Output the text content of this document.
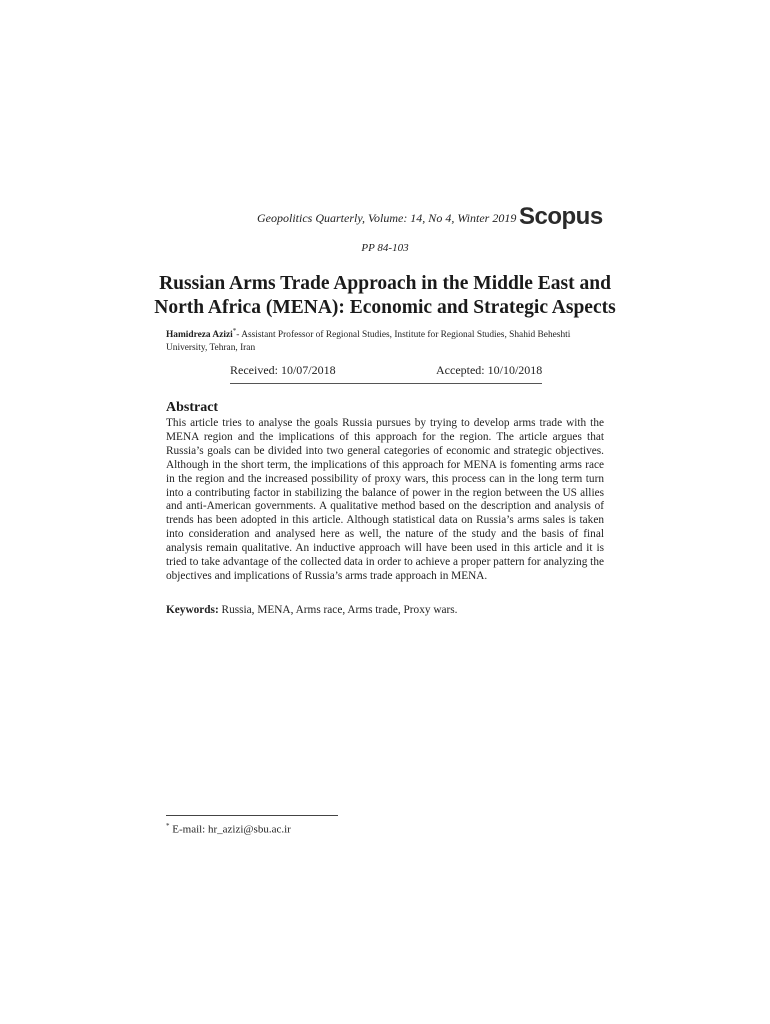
Geopolitics Quarterly, Volume: 14, No 4, Winter 2019 Scopus
PP 84-103
Russian Arms Trade Approach in the Middle East and North Africa (MENA): Economic and Strategic Aspects
Hamidreza Azizi*- Assistant Professor of Regional Studies, Institute for Regional Studies, Shahid Beheshti University, Tehran, Iran
Received: 10/07/2018	Accepted: 10/10/2018
Abstract

This article tries to analyse the goals Russia pursues by trying to develop arms trade with the MENA region and the implications of this approach for the region. The article argues that Russia’s goals can be divided into two general categories of economic and strategic objectives. Although in the short term, the implications of this approach for MENA is fomenting arms race in the region and the increased possibility of proxy wars, this process can in the long term turn into a contributing factor in stabilizing the balance of power in the region between the US allies and anti-American governments. A qualitative method based on the description and analysis of trends has been adopted in this article. Although statistical data on Russia’s arms sales is taken into consideration and analysed here as well, the nature of the study and the basis of final analysis remain qualitative. An inductive approach will have been used in this article and it is tried to take advantage of the collected data in order to achieve a proper pattern for analyzing the objectives and implications of Russia’s arms trade approach in MENA.

Keywords: Russia, MENA, Arms race, Arms trade, Proxy wars.

* E-mail: hr_azizi@sbu.ac.ir
